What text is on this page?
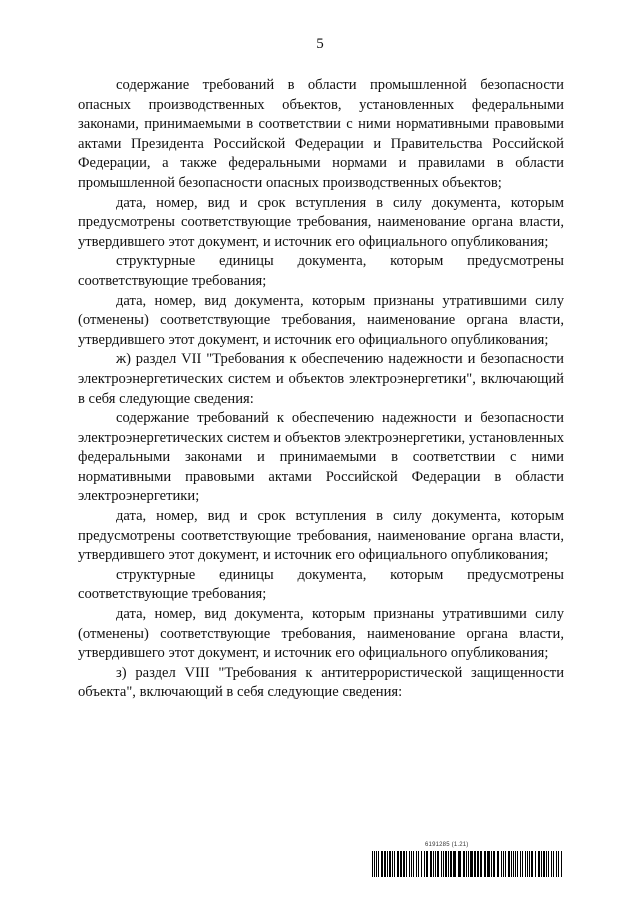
5

содержание требований в области промышленной безопасности опасных производственных объектов, установленных федеральными законами, принимаемыми в соответствии с ними нормативными правовыми актами Президента Российской Федерации и Правительства Российской Федерации, а также федеральными нормами и правилами в области промышленной безопасности опасных производственных объектов;

дата, номер, вид и срок вступления в силу документа, которым предусмотрены соответствующие требования, наименование органа власти, утвердившего этот документ, и источник его официального опубликования;

структурные единицы документа, которым предусмотрены соответствующие требования;

дата, номер, вид документа, которым признаны утратившими силу (отменены) соответствующие требования, наименование органа власти, утвердившего этот документ, и источник его официального опубликования;

ж) раздел VII "Требования к обеспечению надежности и безопасности электроэнергетических систем и объектов электроэнергетики", включающий в себя следующие сведения:

содержание требований к обеспечению надежности и безопасности электроэнергетических систем и объектов электроэнергетики, установленных федеральными законами и принимаемыми в соответствии с ними нормативными правовыми актами Российской Федерации в области электроэнергетики;

дата, номер, вид и срок вступления в силу документа, которым предусмотрены соответствующие требования, наименование органа власти, утвердившего этот документ, и источник его официального опубликования;

структурные единицы документа, которым предусмотрены соответствующие требования;

дата, номер, вид документа, которым признаны утратившими силу (отменены) соответствующие требования, наименование органа власти, утвердившего этот документ, и источник его официального опубликования;

з) раздел VIII "Требования к антитеррористической защищенности объекта", включающий в себя следующие сведения:

6191285 (1.21)
